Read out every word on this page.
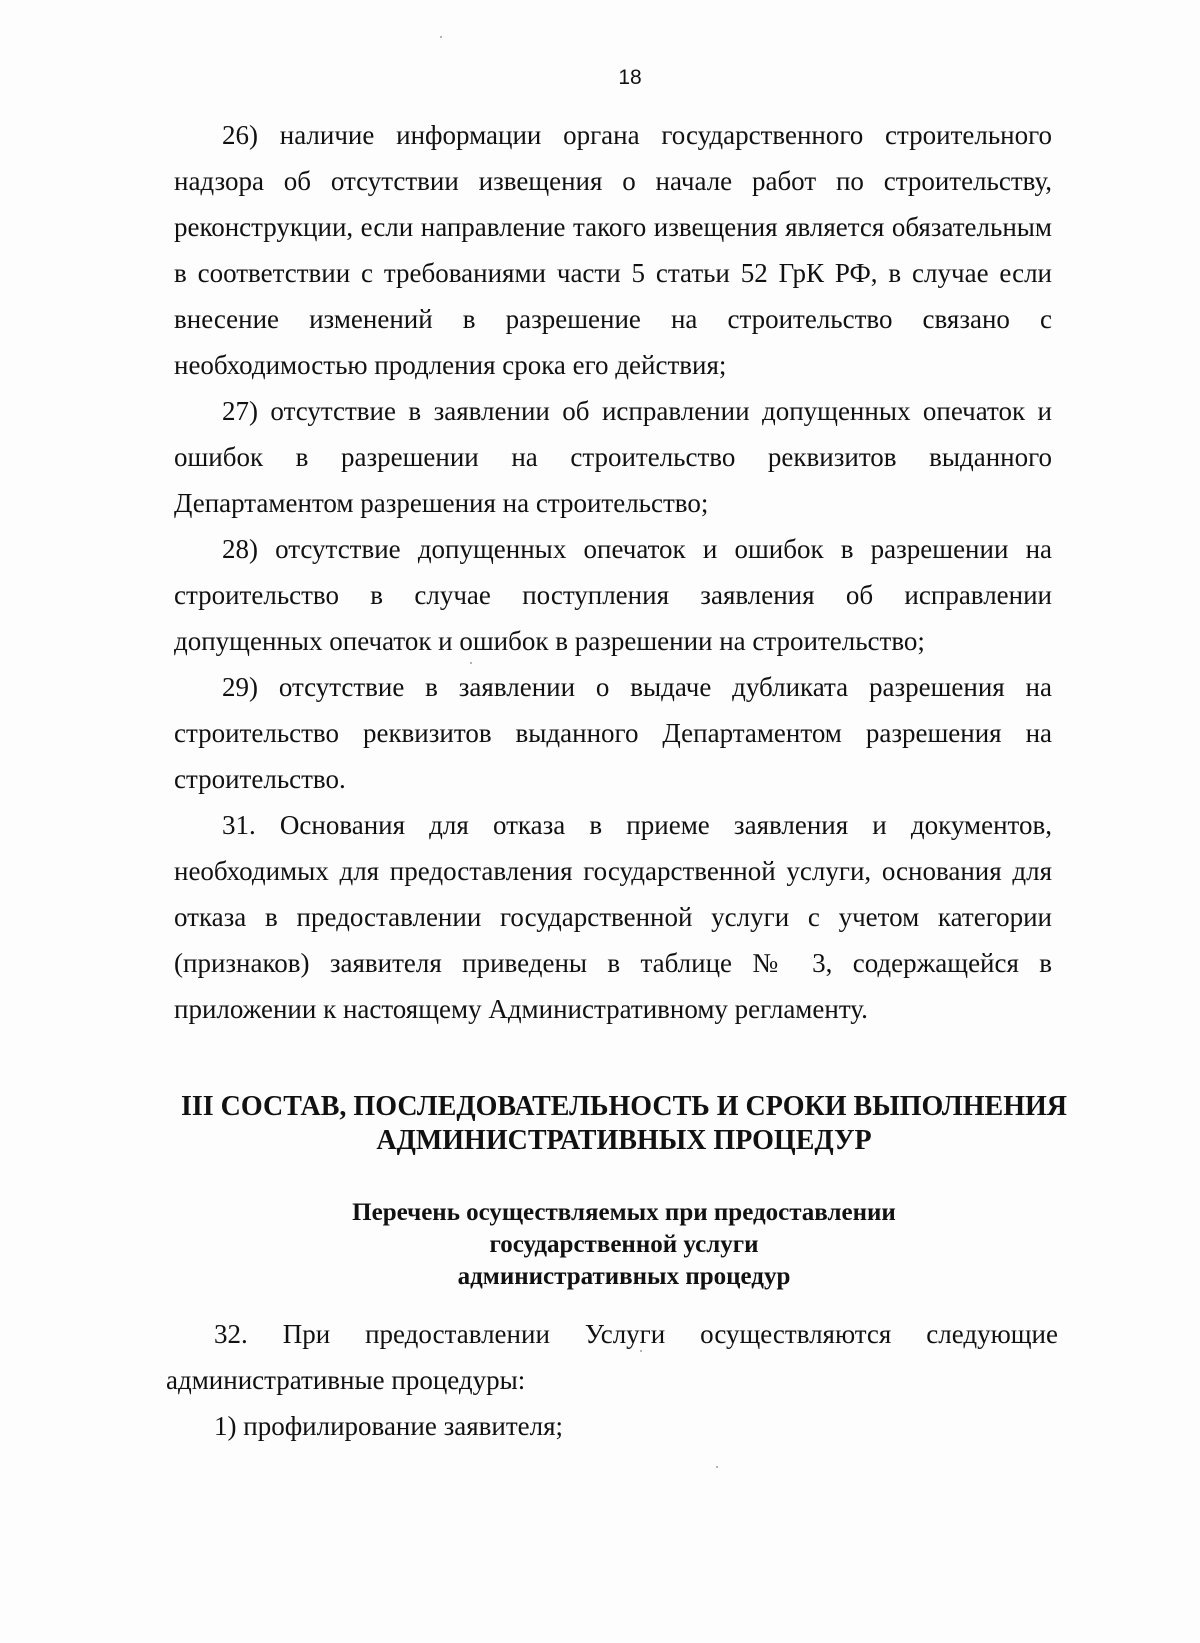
18

26) наличие информации органа государственного строительного надзора об отсутствии извещения о начале работ по строительству, реконструкции, если направление такого извещения является обязательным в соответствии с требованиями части 5 статьи 52 ГрК РФ, в случае если внесение изменений в разрешение на строительство связано с необходимостью продления срока его действия;

27) отсутствие в заявлении об исправлении допущенных опечаток и ошибок в разрешении на строительство реквизитов выданного Департаментом разрешения на строительство;

28) отсутствие допущенных опечаток и ошибок в разрешении на строительство в случае поступления заявления об исправлении допущенных опечаток и ошибок в разрешении на строительство;

29) отсутствие в заявлении о выдаче дубликата разрешения на строительство реквизитов выданного Департаментом разрешения на строительство.

31. Основания для отказа в приеме заявления и документов, необходимых для предоставления государственной услуги, основания для отказа в предоставлении государственной услуги с учетом категории (признаков) заявителя приведены в таблице № 3, содержащейся в приложении к настоящему Административному регламенту.

III СОСТАВ, ПОСЛЕДОВАТЕЛЬНОСТЬ И СРОКИ ВЫПОЛНЕНИЯ
АДМИНИСТРАТИВНЫХ ПРОЦЕДУР
Перечень осуществляемых при предоставлении
государственной услуги
административных процедур

32. При предоставлении Услуги осуществляются следующие административные процедуры:

1) профилирование заявителя;
